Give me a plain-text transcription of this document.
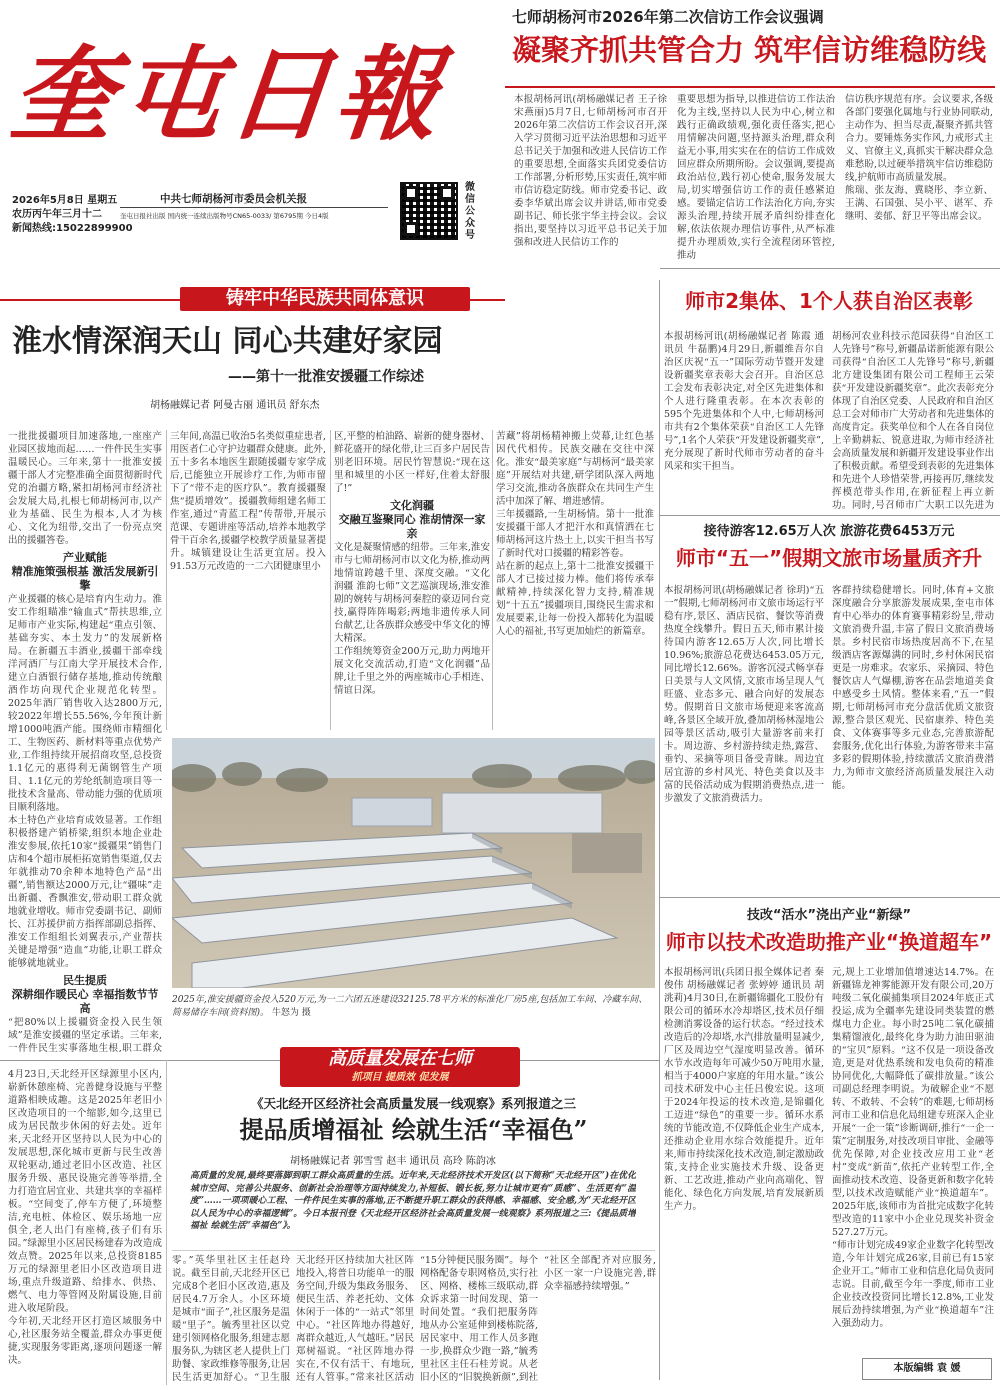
奎屯日報
2026年5月8日 星期五
农历丙午年三月十二
新闻热线:15022899900
中共七师胡杨河市委员会机关报
奎屯日报社出版 国内统一连续出版物号CN65-0033/ 第6795期 今日4版
微信公众号
七师胡杨河市2026年第二次信访工作会议强调
凝聚齐抓共管合力 筑牢信访维稳防线
本报胡杨河讯(胡杨融媒记者 王子徐 宋燕丽)5月7日,七师胡杨河市召开2026年第二次信访工作会议召开,深入学习贯彻习近平法治思想和习近平总书记关于加强和改进人民信访工作的重要思想,全面落实兵团党委信访工作部署,分析形势,压实责任,筑牢师市信访稳定防线。师市党委书记、政委李华斌出席会议并讲话,师市党委副书记、师长张宇华主持会议。会议指出,要坚持以习近平总书记关于加强和改进人民信访工作的
重要思想为指导,以推进信访工作法治化为主线,坚持以人民为中心,树立和践行正确政绩观,强化责任落实,把心用情解决问题,坚持源头治理,群众利益无小事,用实实在在的信访工作成效回应群众所期所盼。会议强调,要提高政治站位,践行初心使命,服务发展大局,切实增强信访工作的责任感紧迫感。要锚定信访工作法治化方向,夯实源头治理,持续开展矛盾纠纷排查化解,依法依规办理信访事件,从严标准提升办理质效,实行全流程闭环管控,推动
信访秩序规范有序。会议要求,各级各部门要强化属地与行业协同联动,主动作为、担当尽责,凝聚齐抓共管合力。要锤炼务实作风,力戒形式主义、官僚主义,真抓实干解决群众急难愁盼,以过硬举措筑牢信访维稳防线,护航师市高质量发展。
熊瑞、张友海、冀晓彤、李立新、王满、石国强、吴小平、谌军、乔继明、姜郁、舒卫平等出席会议。
铸牢中华民族共同体意识
淮水情深润天山 同心共建好家园
——第十一批淮安援疆工作综述
胡杨融媒记者 阿曼古丽 通讯员 舒东杰
一批批援疆项目加速落地,一座座产业园区拔地而起……一件件民生实事温暖民心。三年来,第十一批淮安援疆干部人才完整准确全面贯彻新时代党的治疆方略,紧扣胡杨河市经济社会发展大局,扎根七师胡杨河市,以产业为基础、民生为根本,人才为核心、文化为纽带,交出了一份亮点突出的援疆答卷。
产业赋能
精准施策强根基 激活发展新引擎
产业援疆的核心是培育内生动力。淮安工作组瞄准“输血式”帮扶思维,立足师市产业实际,构建起“重点引领、基础夯实、本土发力”的发展新格局。在新疆五丰酒业,援疆干部牵线洋河酒厂与江南大学开展技术合作,建立白酒银行储存基地,推动传统酿酒作坊向现代企业规范化转型。2025年酒厂销售收入达2800万元,较2022年增长55.56%,今年预计新增1000吨酒产能。围绕师市精细化工、生物医药、新材料等重点优势产业,工作组持续开展招商攻坚,总投资1.1亿元的惠得利无菌钢管生产项目、1.1亿元的芳纶纸制造项目等一批技术含量高、带动能力强的优质项目顺利落地。
本土特色产业培育成效显著。工作组积极搭建产销桥梁,组织本地企业赴淮安参展,依托10家“援疆果”销售门店和4个超市展柜拓宽销售渠道,仅去年就推动70余种本地特色产品“出疆”,销售额达2000万元,让“疆味”走出新疆、香飘淮安,带动职工群众就地就业增收。师市党委副书记、副师长、江苏援伊前方指挥部副总指挥、淮安工作组组长刘翼表示,产业帮扶关键是增强“造血”功能,让职工群众能够就地就业。
民生提质
深耕细作暖民心 幸福指数节节高
“把80%以上援疆资金投入民生领域”是淮安援疆的坚定承诺。三年来,一件件民生实事落地生根,职工群众
三年间,高温已收治5名类似重症患者,用医者仁心守护边疆群众健康。此外,五十多名本地医生跟随援疆专家学成后,已能独立开展诊疗工作,为师市留下了“带不走的医疗队”。教育援疆聚焦“提质增效”。援疆教师组建名师工作室,通过“青蓝工程”传帮带,开展示范课、专题讲座等活动,培养本地教学骨干百余名,援疆学校教学质量显著提升。城镇建设让生活更宜居。投入91.53万元改造的一二六团健康里小
区,平整的柏油路、崭新的健身器材、鲜花盛开的绿化带,让三百多户居民告别老旧环境。居民竹智慧说:“现在这里和城里的小区一样好,住着太舒服了!”
文化润疆
交融互鉴聚同心 淮胡情深一家亲
文化是凝聚情感的纽带。三年来,淮安市与七师胡杨河市以文化为桥,推动两地情谊跨越千里、深度交融。“文化润疆 淮韵七师”文艺巡演现场,淮安淮剧的婉转与胡杨河秦腔的豪迈同台竞技,赢得阵阵喝彩;两地非遗传承人同台献艺,让各族群众感受中华文化的博大精深。
工作组统筹资金200万元,助力两地开展文化交流活动,打造“文化润疆”品牌,让千里之外的两座城市心手相连、情谊日深。
苦藏”将胡杨精神搬上荧幕,让红色基因代代相传。民族交融在交往中深化。淮安“最美家庭”与胡杨河“最美家庭”开展结对共建,研学团队深入两地学习交流,推动各族群众在共同生产生活中加深了解、增进感情。
三年援疆路,一生胡杨情。第十一批淮安援疆干部人才把汗水和真情洒在七师胡杨河这片热土上,以实干担当书写了新时代对口援疆的精彩答卷。
站在新的起点上,第十二批淮安援疆干部人才已接过接力棒。他们将传承奉献精神,持续深化智力支持,精准规划“十五五”援疆项目,围绕民生需求和发展要素,让每一份投入都转化为温暖人心的福祉,书写更加灿烂的新篇章。
2025年,淮安援疆资金投入520万元,为一二六团五连建设32125.78平方米的标准化厂房5座,包括加工车间、冷藏车间、简易储存车间(资料图)。 牛怒为 摄
4月23日,天北经开区绿源里小区内,崭新休憩座椅、完善健身设施与平整道路相映成趣。这是2025年老旧小区改造项目的一个缩影,如今,这里已成为居民散步休闲的好去处。近年来,天北经开区坚持以人民为中心的发展思想,深化城市更新与民生改善双轮驱动,通过老旧小区改造、社区服务升级、惠民设施完善等举措,全力打造宜居宜业、共建共享的幸福样板。“空间变了,停车方便了,环境整洁,充电桩、体检区、娱乐场地一应俱全,老人出门有座椅,孩子们有乐园。”绿源里小区居民杨建春为改造成效点赞。2025年以来,总投资8185万元的绿源里老旧小区改造项目进场,重点升级道路、给排水、供热、燃气、电力等管网及附属设施,目前进入收尾阶段。
今年初,天北经开区打造区域服务中心,社区服务站全覆盖,群众办事更便捷,实现服务零距离,逐项问题逐一解决。
高质量发展在七师
抓项目 提质效 促发展
《天北经开区经济社会高质量发展一线观察》系列报道之三
提品质增福祉 绘就生活“幸福色”
胡杨融媒记者 郭雪雪 赵丰 通讯员 高玲 陈韵冰
高质量的发展,最终要落脚到职工群众高质量的生活。近年来,天北经济技术开发区(以下简称“天北经开区”)在优化城市空间、完善公共服务、创新社会治理等方面持续发力,补短板、锻长板,努力让城市更有“质感”、生活更有“温度”……一项项暖心工程、一件件民生实事的落地,正不断提升职工群众的获得感、幸福感、安全感,为“天北经开区以人民为中心的幸福逻辑”。今日本报刊登《天北经开区经济社会高质量发展一线观察》系列报道之三:《提品质增福祉 绘就生活“幸福色”》。
零。”英华里社区主任赵玲说。截至目前,天北经开区已完成8个老旧小区改造,惠及居民4.7万余人。小区环境是城市“面子”,社区服务是温暖“里子”。毓秀里社区以党建引领网格化服务,组建志愿服务队,为辖区老人提供上门助餐、家政维修等服务,让居民生活更加舒心。“卫生服
天北经开区持续加大社区阵地投入,将普日功能单一的服务空间,升级为集政务服务、便民生活、养老托幼、文体休闲于一体的“一站式”邻里中心。“社区阵地办得越好,离群众越近,人气越旺。”居民郑树福说。“社区阵地办得实在,不仅有活干、有地玩,还有人管事。”常来社区活动
“15分钟便民服务圈”。每个网格配备专职网格员,实行社区、网格、楼栋三级联动,群众诉求第一时间发现、第一时间处置。“我们把服务阵地从办公室延伸到楼栋院落,居民家中、用工作人员多跑一步,换群众少跑一路,”毓秀里社区主任石桂芳说。从老旧小区的“旧貌换新颜”,到社
“社区全部配齐对应服务,小区一家一户设施完善,群众幸福感持续增强。”
师市2集体、1个人获自治区表彰
本报胡杨河讯(胡杨融媒记者 陈霞 通讯员 牛磊鹏)4月29日,新疆维吾尔自治区庆祝“五一”国际劳动节暨开发建设新疆奖章表彰大会召开。自治区总工会发布表彰决定,对全区先进集体和个人进行隆重表彰。在本次表彰的595个先进集体和个人中,七师胡杨河市共有2个集体荣获“自治区工人先锋号”,1名个人荣获“开发建设新疆奖章”,充分展现了新时代师市劳动者的奋斗风采和实干担当。
胡杨河农业科技示范园获得“自治区工人先锋号”称号,新疆晶诺新能源有限公司获得“自治区工人先锋号”称号,新疆北方建设集团有限公司工程师王云荣获“开发建设新疆奖章”。此次表彰充分体现了自治区党委、人民政府和自治区总工会对师市广大劳动者和先进集体的高度肯定。获奖单位和个人在各自岗位上辛勤耕耘、锐意进取,为师市经济社会高质量发展和新疆开发建设事业作出了积极贡献。希望受到表彰的先进集体和先进个人珍惜荣誉,再接再厉,继续发挥模范带头作用,在新征程上再立新功。同时,号召师市广大职工以先进为
接待游客12.65万人次 旅游花费6453万元
师市“五一”假期文旅市场量质齐升
本报胡杨河讯(胡杨融媒记者 徐玥)“五一”假期,七师胡杨河市文旅市场运行平稳有序,景区、酒店民宿、餐饮等消费热度全线攀升。假日五天,师市累计接待国内游客12.65万人次,同比增长10.96%;旅游总花费达6453.05万元,同比增长12.66%。游客沉浸式畅享春日美景与人文风情,文旅市场呈现人气旺盛、业态多元、融合向好的发展态势。假期首日文旅市场便迎来客流高峰,各景区全域开放,叠加胡杨林湿地公园等景区活动,吸引大量游客前来打卡。周边游、乡村游持续走热,露营、垂钓、采摘等项目备受青睐。周边宜居宜游的乡村风光、特色美食以及丰富的民俗活动成为假期消费热点,进一步激发了文旅消费活力。
客群持续稳健增长。同时,体育+文旅深度融合分享旅游发展成果,奎屯市体育中心举办的体育赛事精彩纷呈,带动文旅消费升温,丰富了假日文旅消费场景。乡村民宿市场热度居高不下,在星级酒店客源爆满的同时,乡村休闲民宿更是一房难求。农家乐、采摘园、特色餐饮店人气爆棚,游客在品尝地道美食中感受乡土风情。整体来看,“五一”假期,七师胡杨河市充分盘活优质文旅资源,整合景区观光、民宿康养、特色美食、文体赛事等多元业态,完善旅游配套服务,优化出行体验,为游客带来丰富多彩的假期体验,持续激活文旅消费潜力,为师市文旅经济高质量发展注入动能。
技改“活水”浇出产业“新绿”
师市以技术改造助推产业“换道超车”
本报胡杨河讯(兵团日报全媒体记者 秦俊伟 胡杨融媒记者 张婷婷 通讯员 胡洮莉)4月30日,在新疆锦疆化工股份有限公司的循环水冷却塔区,技术员仔细检测消雾设备的运行状态。“经过技术改造后的冷却塔,水汽排放量明显减少,厂区及周边空气湿度明显改善。循环水节水改造每年可减少50万吨用水量,相当于4000户家庭的年用水量。”该公司技术研发中心主任吕俊宏说。这项于2024年投运的技术改造,是锦疆化工迈进“绿色”的重要一步。循环水系统的节能改造,不仅降低企业生产成本,还推动企业用水综合效能提升。近年来,师市持续深化技术改造,制定激励政策,支持企业实施技术升级、设备更新、工艺改进,推动产业向高端化、智能化、绿色化方向发展,培育发展新质生产力。
元,规上工业增加值增速达14.7%。在新疆锦龙神雾能源开发有限公司,20万吨级二氧化碳捕集项目2024年底正式投运,成为全疆率先建设同类装置的燃煤电力企业。每小时25吨二氧化碳捕集精馏液化,最终化身为助力油田驱油的“宝贝”原料。“这不仅是一项设备改造,更是对优热系统和发电负荷的精准协同优化,大幅降低了碳排放量。”该公司副总经理李明说。为破解企业“不愿转、不敢转、不会转”的难题,七师胡杨河市工业和信息化局组建专班深入企业开展“一企一策”诊断调研,推行“一企一策”定制服务,对技改项目审批、金融等优先保障,对企业技改应用工业“老村”变成“新苗”,依托产业转型工作,全面推动技术改造、设备更新和数字化转型,以技术改造赋能产业“换道超车”。2025年底,该师市为首批完成数字化转型改造的11家中小企业兑现奖补资金527.27万元。
“师市计划完成49家企业数字化转型改造,今年计划完成26家,目前已有15家企业开工。”师市工业和信息化局负责同志说。目前,截至今年一季度,师市工业企业技改投资同比增长12.8%,工业发展后劲持续增强,为产业“换道超车”注入强劲动力。
本版编辑 袁 媛
